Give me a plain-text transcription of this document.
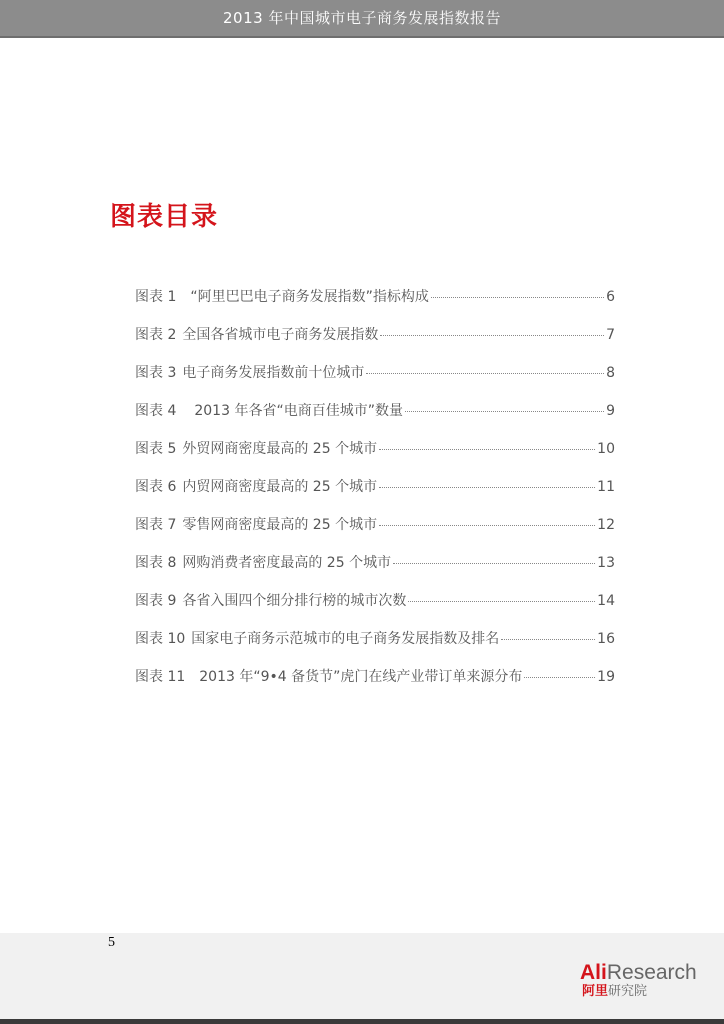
2013 年中国城市电子商务发展指数报告
图表目录
图表 1 “阿里巴巴电子商务发展指数”指标构成	6
图表 2 全国各省城市电子商务发展指数	7
图表 3 电子商务发展指数前十位城市	8
图表 4 2013 年各省“电商百佳城市”数量	9
图表 5 外贸网商密度最高的 25 个城市	10
图表 6 内贸网商密度最高的 25 个城市	11
图表 7 零售网商密度最高的 25 个城市	12
图表 8 网购消费者密度最高的 25 个城市	13
图表 9 各省入围四个细分排行榜的城市次数	14
图表 10 国家电子商务示范城市的电子商务发展指数及排名	16
图表 11 2013 年“9•4 备货节”虎门在线产业带订单来源分布	19
5
AliResearch
阿里研究院
